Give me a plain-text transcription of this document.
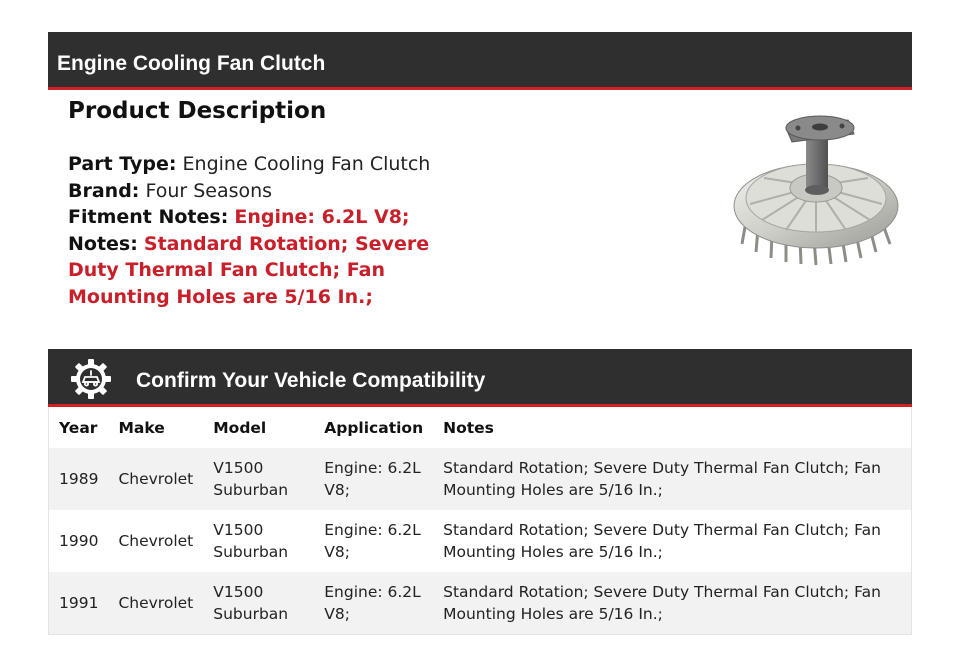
Engine Cooling Fan Clutch
Product Description
Part Type: Engine Cooling Fan Clutch
Brand: Four Seasons
Fitment Notes: Engine: 6.2L V8;
Notes: Standard Rotation; Severe Duty Thermal Fan Clutch; Fan Mounting Holes are 5/16 In.;
Confirm Your Vehicle Compatibility
Year	Make	Model	Application	Notes
1989	Chevrolet	V1500 Suburban	Engine: 6.2L V8;	Standard Rotation; Severe Duty Thermal Fan Clutch; Fan Mounting Holes are 5/16 In.;
1990	Chevrolet	V1500 Suburban	Engine: 6.2L V8;	Standard Rotation; Severe Duty Thermal Fan Clutch; Fan Mounting Holes are 5/16 In.;
1991	Chevrolet	V1500 Suburban	Engine: 6.2L V8;	Standard Rotation; Severe Duty Thermal Fan Clutch; Fan Mounting Holes are 5/16 In.;
